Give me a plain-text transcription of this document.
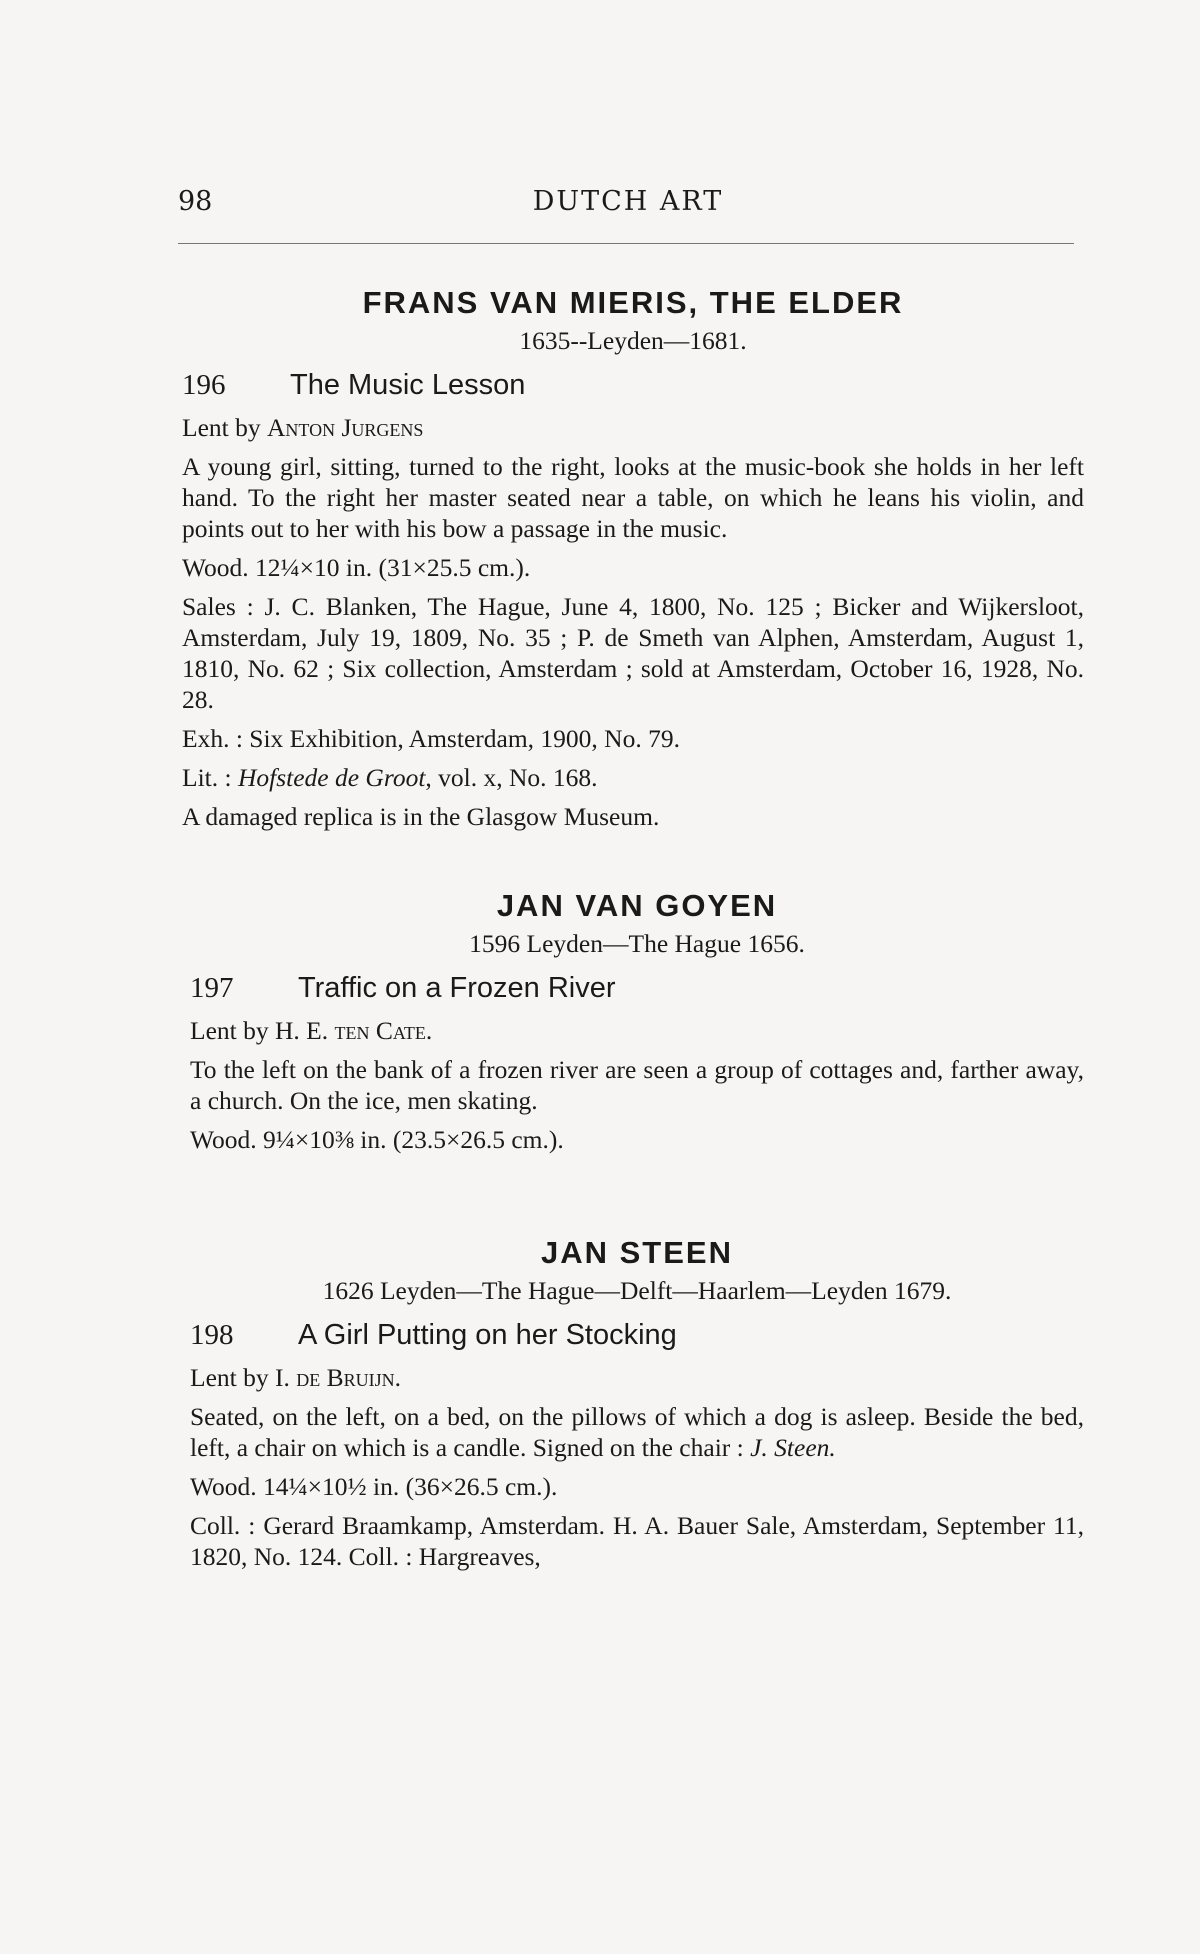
98	DUTCH ART
FRANS VAN MIERIS, THE ELDER
1635--Leyden—1681.
196 The Music Lesson

Lent by Anton Jurgens

A young girl, sitting, turned to the right, looks at the music-book she holds in her left hand. To the right her master seated near a table, on which he leans his violin, and points out to her with his bow a passage in the music.

Wood. 12¼×10 in. (31×25.5 cm.).

Sales : J. C. Blanken, The Hague, June 4, 1800, No. 125 ; Bicker and Wijkersloot, Amsterdam, July 19, 1809, No. 35 ; P. de Smeth van Alphen, Amsterdam, August 1, 1810, No. 62 ; Six collection, Amsterdam ; sold at Amsterdam, October 16, 1928, No. 28.

Exh. : Six Exhibition, Amsterdam, 1900, No. 79.

Lit. : Hofstede de Groot, vol. x, No. 168.

A damaged replica is in the Glasgow Museum.

JAN VAN GOYEN
1596 Leyden—The Hague 1656.
197 Traffic on a Frozen River

Lent by H. E. ten Cate.

To the left on the bank of a frozen river are seen a group of cottages and, farther away, a church. On the ice, men skating.

Wood. 9¼×10⅜ in. (23.5×26.5 cm.).

JAN STEEN
1626 Leyden—The Hague—Delft—Haarlem—Leyden 1679.
198 A Girl Putting on her Stocking

Lent by I. de Bruijn.

Seated, on the left, on a bed, on the pillows of which a dog is asleep. Beside the bed, left, a chair on which is a candle. Signed on the chair : J. Steen.

Wood. 14¼×10½ in. (36×26.5 cm.).

Coll. : Gerard Braamkamp, Amsterdam. H. A. Bauer Sale, Amsterdam, September 11, 1820, No. 124. Coll. : Hargreaves,
